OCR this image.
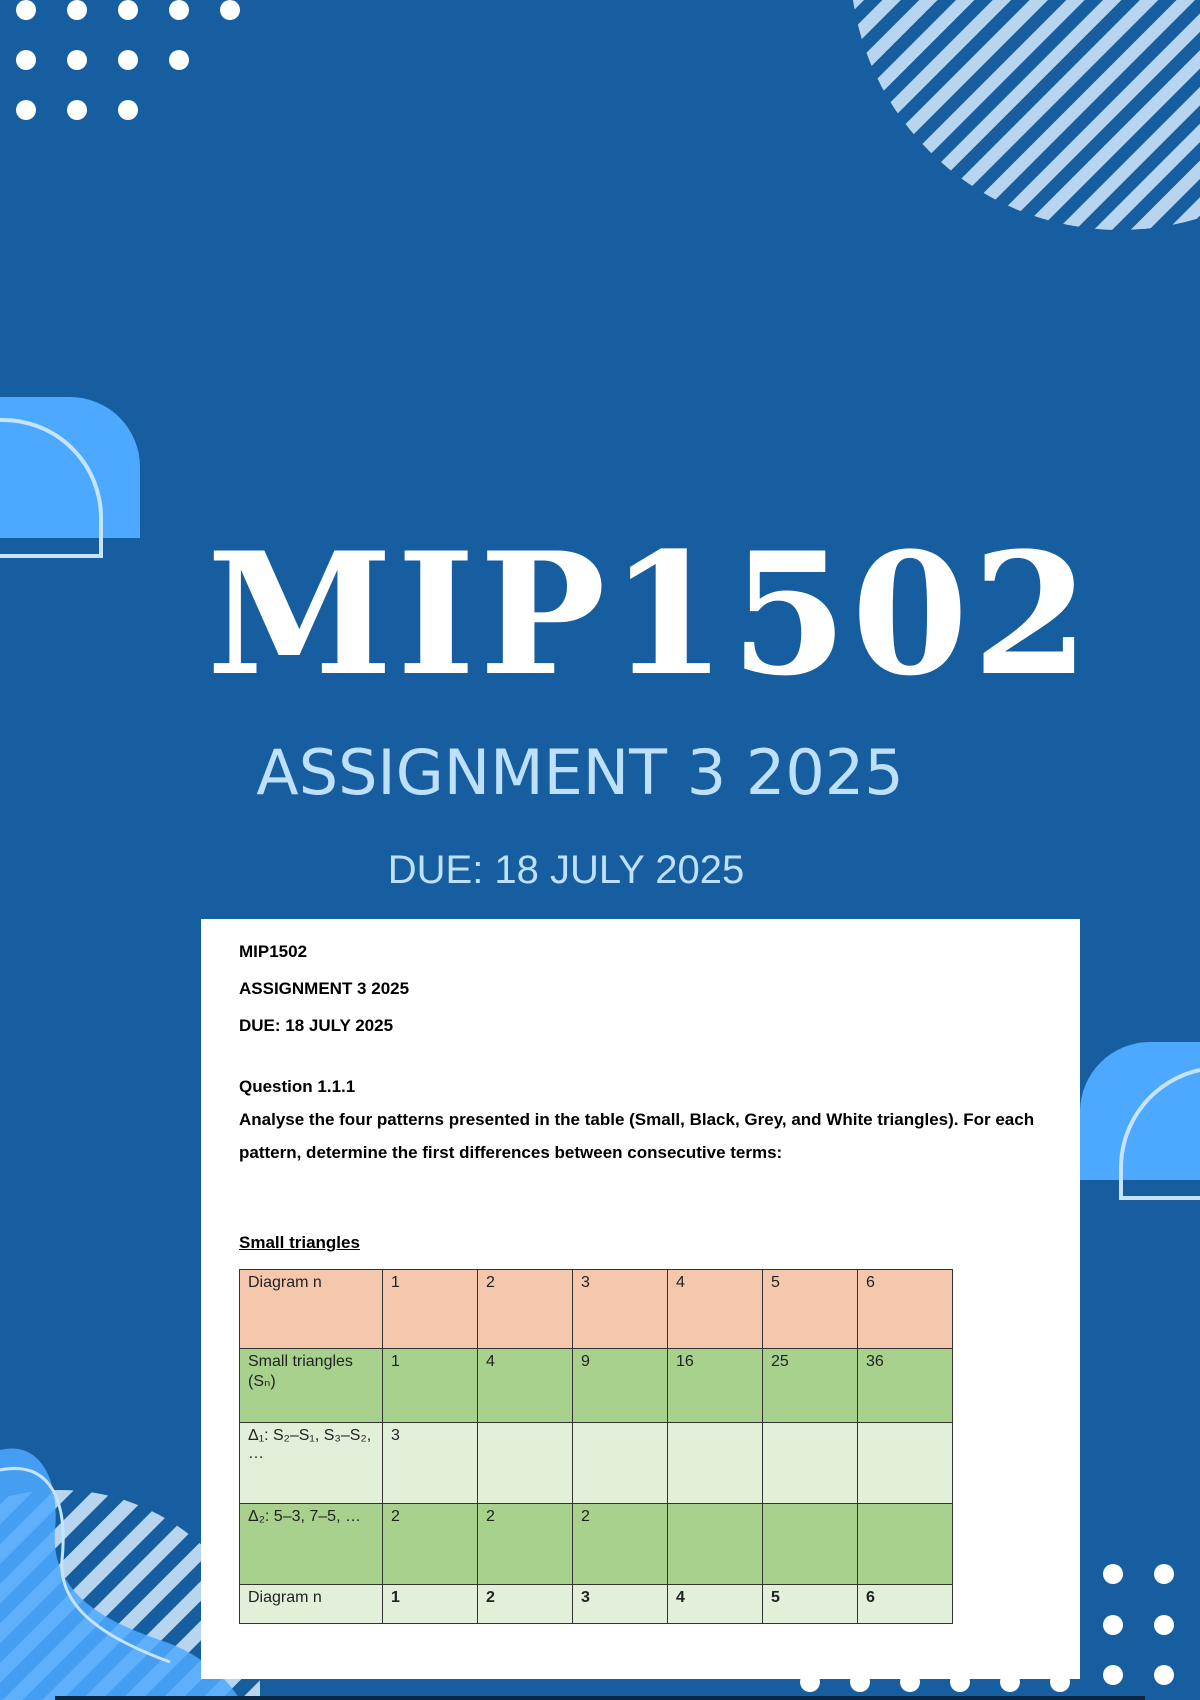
MIP1502
ASSIGNMENT 3 2025
DUE: 18 JULY 2025
MIP1502
ASSIGNMENT 3 2025
DUE: 18 JULY 2025
Question 1.1.1
Analyse the four patterns presented in the table (Small, Black, Grey, and White triangles). For each pattern, determine the first differences between consecutive terms:
Small triangles
Diagram n	1	2	3	4	5	6
Small triangles (Sₙ)	1	4	9	16	25	36
Δ₁: S₂–S₁, S₃–S₂, …	3					
Δ₂: 5–3, 7–5, …	2	2	2			
Diagram n	1	2	3	4	5	6
